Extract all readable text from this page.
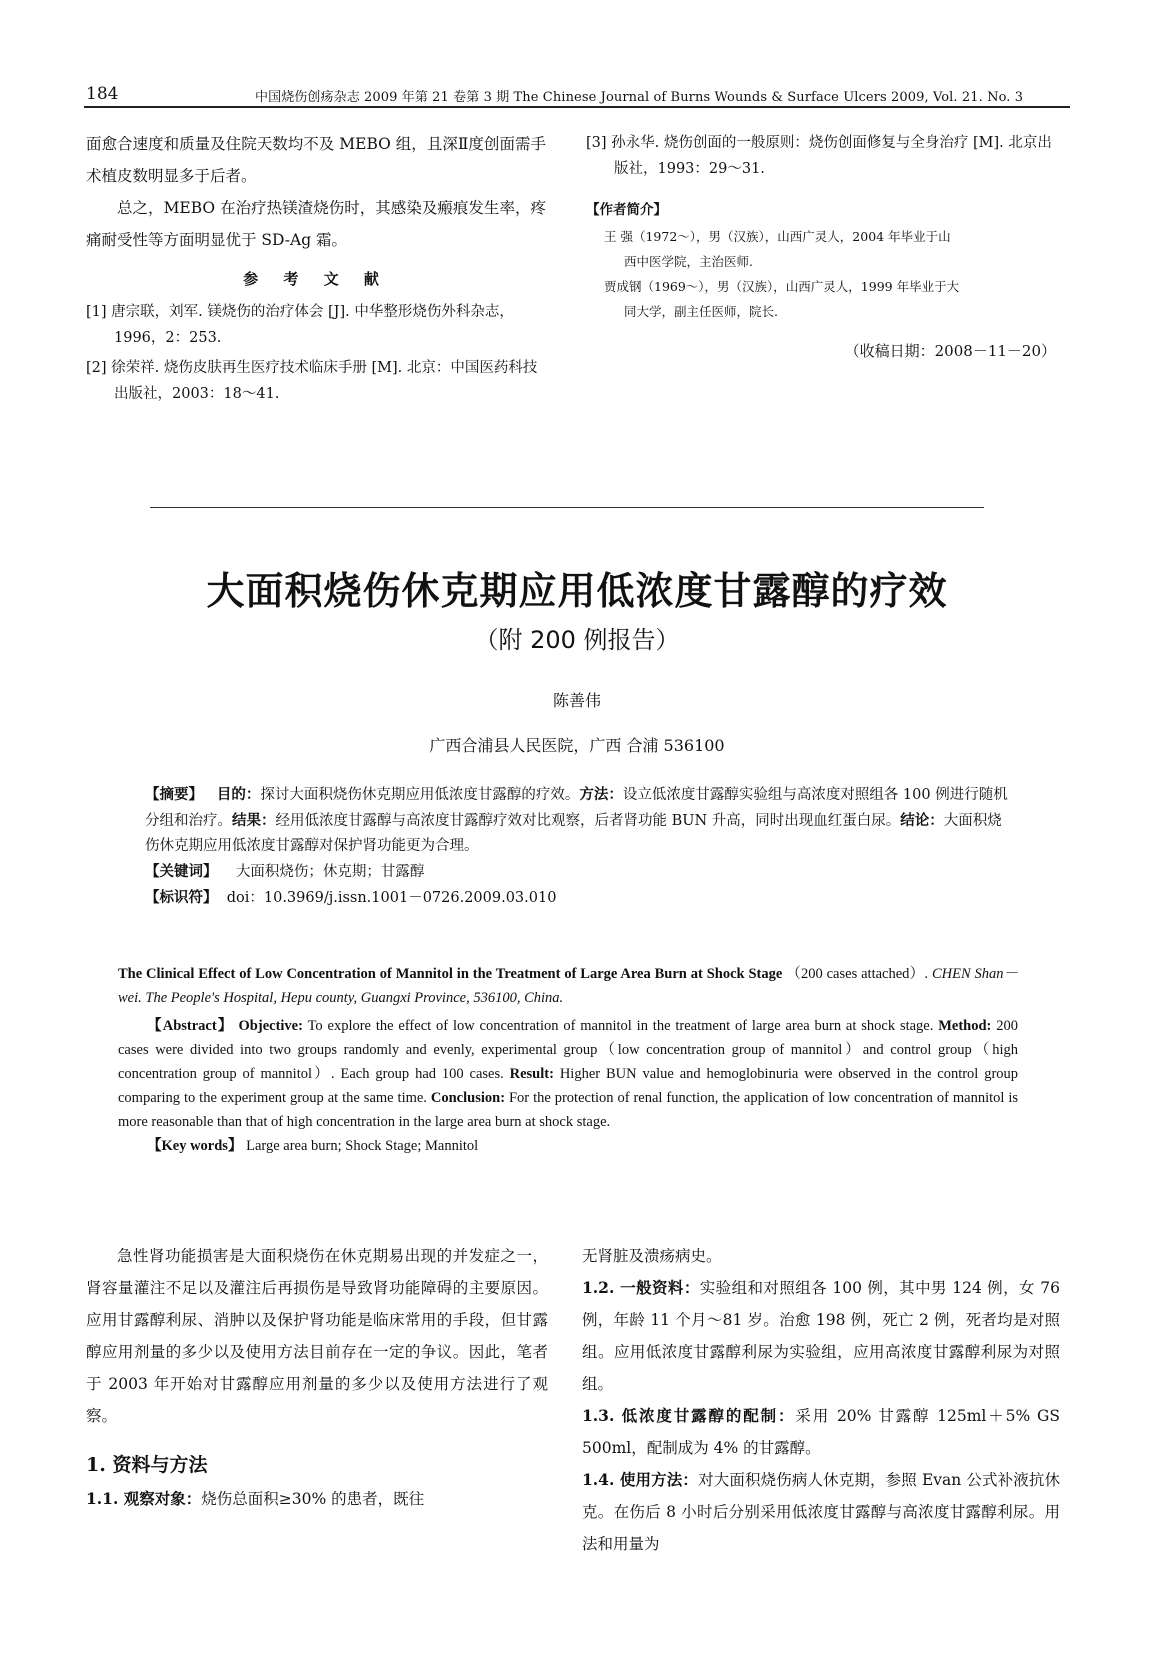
184	中国烧伤创疡杂志 2009 年第 21 卷第 3 期 The Chinese Journal of Burns Wounds & Surface Ulcers 2009, Vol. 21. No. 3

面愈合速度和质量及住院天数均不及 MEBO 组，且深Ⅱ度创面需手术植皮数明显多于后者。

总之，MEBO 在治疗热镁渣烧伤时，其感染及瘢痕发生率，疼痛耐受性等方面明显优于 SD-Ag 霜。

参 考 文 献

[1] 唐宗联，刘军. 镁烧伤的治疗体会 [J]. 中华整形烧伤外科杂志，1996，2：253.

[2] 徐荣祥. 烧伤皮肤再生医疗技术临床手册 [M]. 北京：中国医药科技出版社，2003：18～41.

[3] 孙永华. 烧伤创面的一般原则：烧伤创面修复与全身治疗 [M]. 北京出版社，1993：29～31.

【作者简介】

王 强（1972～），男（汉族），山西广灵人，2004 年毕业于山
西中医学院，主治医师.

贾成钢（1969～），男（汉族），山西广灵人，1999 年毕业于大
同大学，副主任医师，院长.

（收稿日期：2008－11－20）
大面积烧伤休克期应用低浓度甘露醇的疗效
（附 200 例报告）
陈善伟
广西合浦县人民医院，广西 合浦 536100

【摘要】 目的：探讨大面积烧伤休克期应用低浓度甘露醇的疗效。方法：设立低浓度甘露醇实验组与高浓度对照组各 100 例进行随机分组和治疗。结果：经用低浓度甘露醇与高浓度甘露醇疗效对比观察，后者肾功能 BUN 升高，同时出现血红蛋白尿。结论：大面积烧伤休克期应用低浓度甘露醇对保护肾功能更为合理。

【关键词】 大面积烧伤；休克期；甘露醇

【标识符】 doi：10.3969/j.issn.1001－0726.2009.03.010

The Clinical Effect of Low Concentration of Mannitol in the Treatment of Large Area Burn at Shock Stage （200 cases attached）. CHEN Shan－wei. The People's Hospital, Hepu county, Guangxi Province, 536100, China.

【Abstract】 Objective: To explore the effect of low concentration of mannitol in the treatment of large area burn at shock stage. Method: 200 cases were divided into two groups randomly and evenly, experimental group（low concentration group of mannitol）and control group（high concentration group of mannitol）. Each group had 100 cases. Result: Higher BUN value and hemoglobinuria were observed in the control group comparing to the experiment group at the same time. Conclusion: For the protection of renal function, the application of low concentration of mannitol is more reasonable than that of high concentration in the large area burn at shock stage.

【Key words】 Large area burn; Shock Stage; Mannitol

急性肾功能损害是大面积烧伤在休克期易出现的并发症之一，肾容量灌注不足以及灌注后再损伤是导致肾功能障碍的主要原因。应用甘露醇利尿、消肿以及保护肾功能是临床常用的手段，但甘露醇应用剂量的多少以及使用方法目前存在一定的争议。因此，笔者于 2003 年开始对甘露醇应用剂量的多少以及使用方法进行了观察。

1. 资料与方法

1.1. 观察对象：烧伤总面积≥30% 的患者，既往

无肾脏及溃疡病史。

1.2. 一般资料：实验组和对照组各 100 例，其中男 124 例，女 76 例，年龄 11 个月～81 岁。治愈 198 例，死亡 2 例，死者均是对照组。应用低浓度甘露醇利尿为实验组，应用高浓度甘露醇利尿为对照组。

1.3. 低浓度甘露醇的配制：采用 20% 甘露醇 125ml＋5% GS 500ml，配制成为 4% 的甘露醇。

1.4. 使用方法：对大面积烧伤病人休克期，参照 Evan 公式补液抗休克。在伤后 8 小时后分别采用低浓度甘露醇与高浓度甘露醇利尿。用法和用量为
